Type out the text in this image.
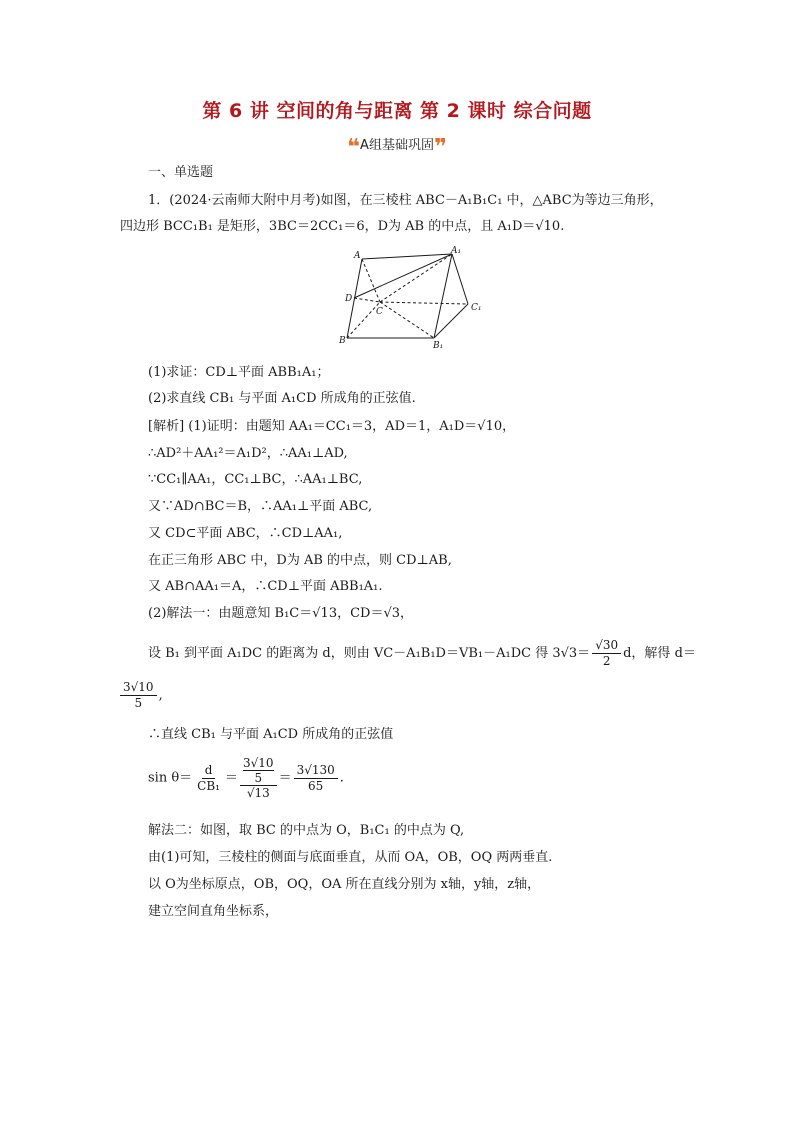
第 6 讲 空间的角与距离 第 2 课时 综合问题
❝A组基础巩固❞
一、单选题
1．(2024·云南师大附中月考)如图，在三棱柱 ABC－A₁B₁C₁ 中，△ABC为等边三角形，
四边形 BCC₁B₁ 是矩形，3BC＝2CC₁＝6，D为 AB 的中点，且 A₁D＝√10.
A	A₁
D
C	C₁
B	B₁
(1)求证：CD⊥平面 ABB₁A₁；
(2)求直线 CB₁ 与平面 A₁CD 所成角的正弦值.
[解析] (1)证明：由题知 AA₁＝CC₁＝3，AD＝1，A₁D＝√10，
∴AD²＋AA₁²＝A₁D²，∴AA₁⊥AD,
∵CC₁∥AA₁，CC₁⊥BC，∴AA₁⊥BC,
又∵AD∩BC＝B，∴AA₁⊥平面 ABC,
又 CD⊂平面 ABC，∴CD⊥AA₁,
在正三角形 ABC 中，D为 AB 的中点，则 CD⊥AB,
又 AB∩AA₁＝A，∴CD⊥平面 ABB₁A₁.
(2)解法一：由题意知 B₁C＝√13，CD＝√3，
设 B₁ 到平面 A₁DC 的距离为 d，则由 VC－A₁B₁D＝VB₁－A₁DC 得 $3√3= \frac{√30}{2}$ d，解得 d＝
$\frac{3√10}{5}$ ,
∴直线 CB₁ 与平面 A₁CD 所成角的正弦值
$\sin \theta= \frac{d}{\text{CB₁}} = \frac{\frac{3√10}{5}}{√13} = \frac{3√130}{65}$ .
解法二：如图，取 BC 的中点为 O，B₁C₁ 的中点为 Q,
由(1)可知，三棱柱的侧面与底面垂直，从而 OA，OB，OQ 两两垂直.
以 O为坐标原点，OB，OQ，OA 所在直线分别为 x轴，y轴，z轴，
建立空间直角坐标系，
